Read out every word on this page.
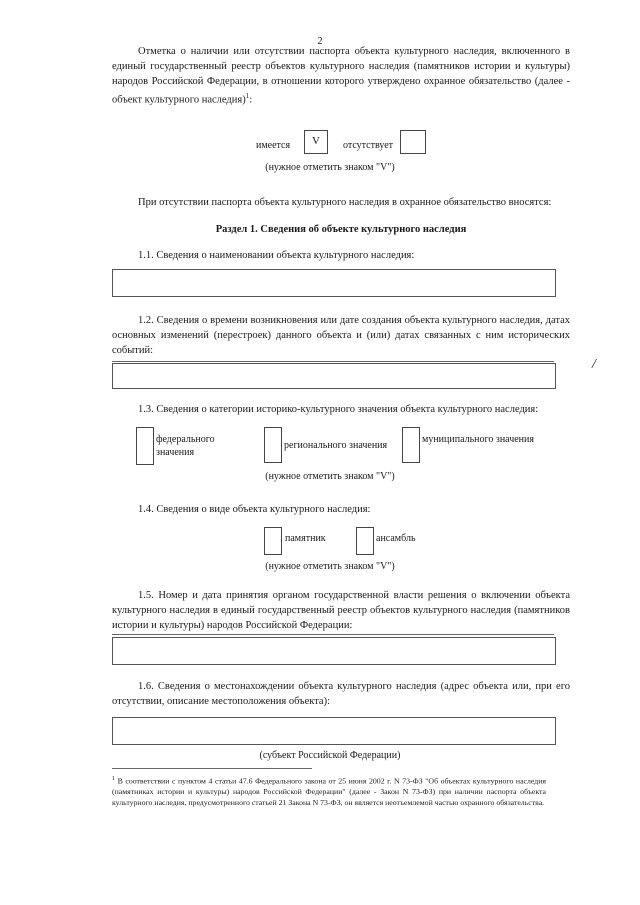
2
Отметка о наличии или отсутствии паспорта объекта культурного наследия, включенного в единый государственный реестр объектов культурного наследия (памятников истории и культуры) народов Российской Федерации, в отношении которого утверждено охранное обязательство (далее - объект культурного наследия)$^1$:
имеется V отсутствует
(нужное отметить знаком "V")
При отсутствии паспорта объекта культурного наследия в охранное обязательство вносятся:
Раздел 1. Сведения об объекте культурного наследия
1.1. Сведения о наименовании объекта культурного наследия:
1.2. Сведения о времени возникновения или дате создания объекта культурного наследия, датах основных изменений (перестроек) данного объекта и (или) датах связанных с ним исторических событий:
/
1.3. Сведения о категории историко-культурного значения объекта культурного наследия:
федерального значения
регионального значения
муниципального значения
(нужное отметить знаком "V")
1.4. Сведения о виде объекта культурного наследия:
памятник	ансамбль
(нужное отметить знаком "V")
1.5. Номер и дата принятия органом государственной власти решения о включении объекта культурного наследия в единый государственный реестр объектов культурного наследия (памятников истории и культуры) народов Российской Федерации:
1.6. Сведения о местонахождении объекта культурного наследия (адрес объекта или, при его отсутствии, описание местоположения объекта):
(субъект Российской Федерации)
$^1$ В соответствии с пунктом 4 статьи 47.6 Федерального закона от 25 июня 2002 г. N 73-ФЗ "Об объектах культурного наследия (памятниках истории и культуры) народов Российской Федерации" (далее - Закон N 73-ФЗ) при наличии паспорта объекта культурного наследия, предусмотренного статьей 21 Закона N 73-ФЗ, он является неотъемлемой частью охранного обязательства.
